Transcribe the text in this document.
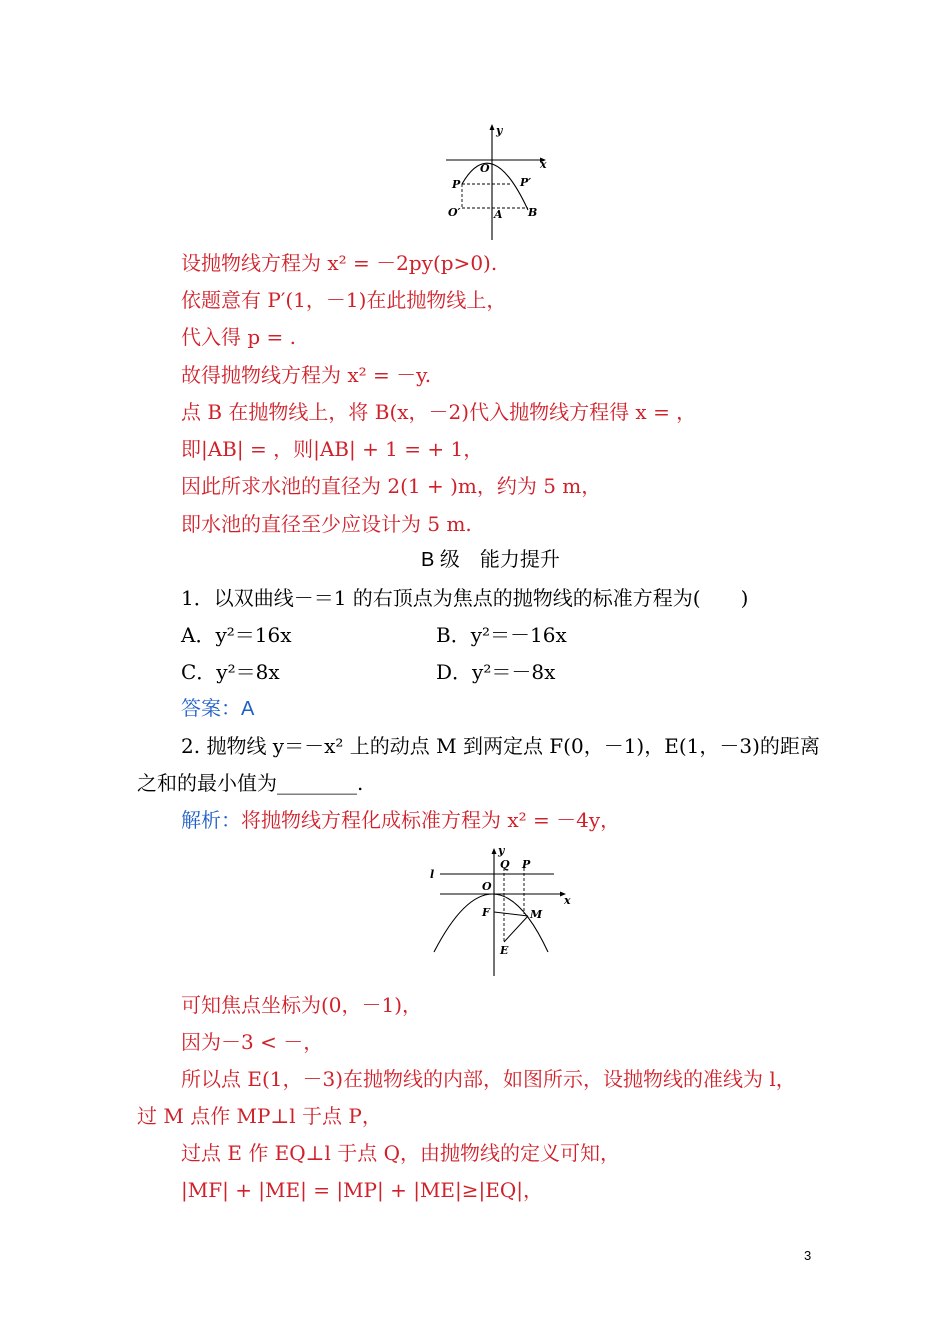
y
x
O
P	P′
O′	A B
设抛物线方程为 x² = －2py(p>0).
依题意有 P′(1，－1)在此抛物线上，
代入得 p = .
故得抛物线方程为 x² = －y.
点 B 在抛物线上，将 B(x，－2)代入抛物线方程得 x = ，
即|AB| = ，则|AB| + 1 = + 1，
因此所求水池的直径为 2(1 + )m，约为 5 m，
即水池的直径至少应设计为 5 m.
B 级　能力提升
1．以双曲线－＝1 的右顶点为焦点的抛物线的标准方程为(　　)
A．y²＝16x	B．y²＝－16x
C．y²＝8x	D．y²＝－8x
答案：A
2. 抛物线 y＝－x² 上的动点 M 到两定点 F(0，－1)，E(1，－3)的距离
之和的最小值为________.
解析：将抛物线方程化成标准方程为 x² = －4y，
y
Q P
l
O
x
F	M
E
可知焦点坐标为(0，－1)，
因为－3 < －，
所以点 E(1，－3)在抛物线的内部，如图所示，设抛物线的准线为 l，
过 M 点作 MP⊥l 于点 P，
过点 E 作 EQ⊥l 于点 Q，由抛物线的定义可知，
|MF| + |ME| = |MP| + |ME|≥|EQ|，
3
